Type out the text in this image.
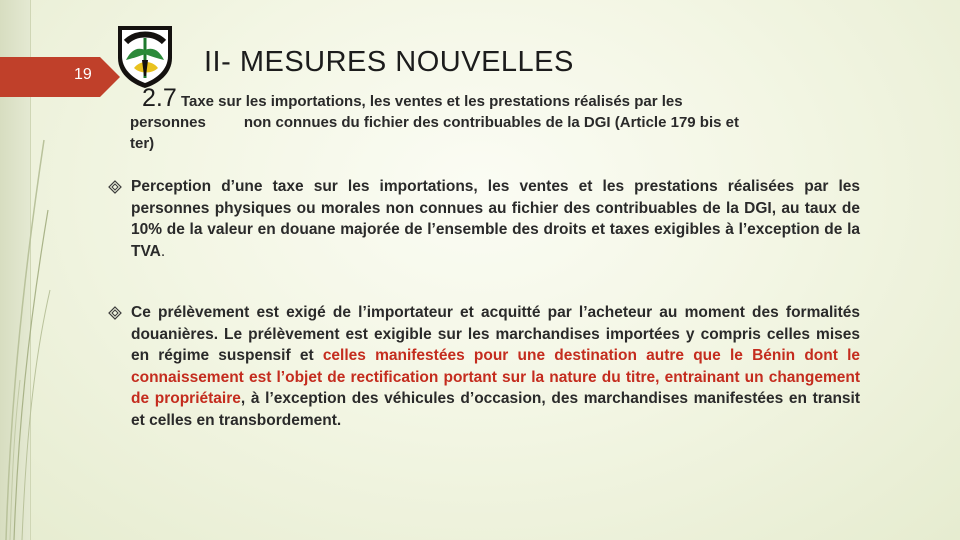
19	II- MESURES NOUVELLES
2.7 Taxe sur les importations, les ventes et les prestations réalisés par les
personnes	non connues du fichier des contribuables de la DGI (Article 179 bis et
ter)
Perception d’une taxe sur les importations, les ventes et les prestations réalisées par les personnes physiques ou morales non connues au fichier des contribuables de la DGI, au taux de 10% de la valeur en douane majorée de l’ensemble des droits et taxes exigibles à l’exception de la TVA.
Ce prélèvement est exigé de l’importateur et acquitté par l’acheteur au moment des formalités douanières. Le prélèvement est exigible sur les marchandises importées y compris celles mises en régime suspensif et celles manifestées pour une destination autre que le Bénin dont le connaissement est l’objet de rectification portant sur la nature du titre, entrainant un changement de propriétaire, à l’exception des véhicules d’occasion, des marchandises manifestées en transit et celles en transbordement.
